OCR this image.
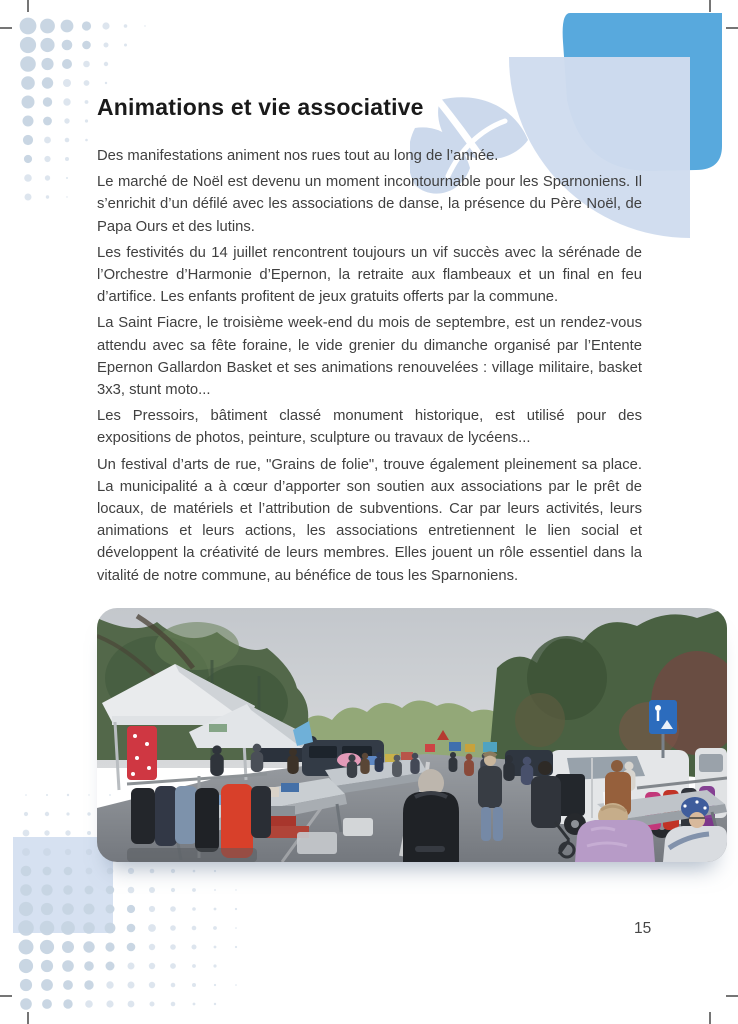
Animations et vie associative

Des manifestations animent nos rues tout au long de l’année.

Le marché de Noël est devenu un moment incontournable pour les Sparnoniens. Il s’enrichit d’un défilé avec les associations de danse, la présence du Père Noël, de Papa Ours et des lutins.

Les festivités du 14 juillet rencontrent toujours un vif succès avec la sérénade de l’Orchestre d’Harmonie d’Epernon, la retraite aux flambeaux et un final en feu d’artifice. Les enfants profitent de jeux gratuits offerts par la commune.

La Saint Fiacre, le troisième week-end du mois de septembre, est un rendez-vous attendu avec sa fête foraine, le vide grenier du dimanche organisé par l’Entente Epernon Gallardon Basket et ses animations renouvelées : village militaire, basket 3x3, stunt moto...

Les Pressoirs, bâtiment classé monument historique, est utilisé pour des expositions de photos, peinture, sculpture ou travaux de lycéens...

Un festival d’arts de rue, "Grains de folie", trouve également pleinement sa place. La municipalité a à cœur d’apporter son soutien aux associations par le prêt de locaux, de matériels et l’attribution de subventions. Car par leurs activités, leurs animations et leurs actions, les associations entretiennent le lien social et développent la créativité de leurs membres. Elles jouent un rôle essentiel dans la vitalité de notre commune, au bénéfice de tous les Sparnoniens.

15
